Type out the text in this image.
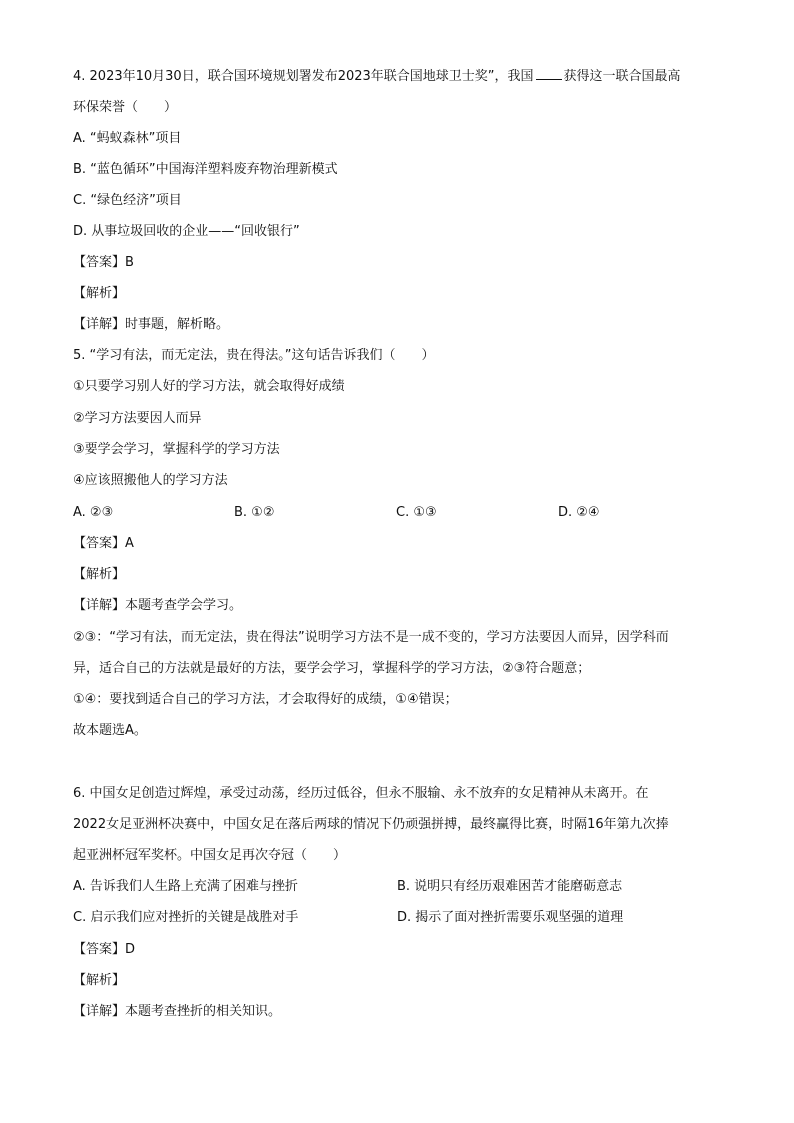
4. 2023年10月30日，联合国环境规划署发布2023年联合国地球卫士奖”，我国 获得这一联合国最高
环保荣誉（　　）
A. “蚂蚁森林”项目
B. “蓝色循环”中国海洋塑料废弃物治理新模式
C. “绿色经济”项目
D. 从事垃圾回收的企业——“回收银行”
【答案】B
【解析】
【详解】时事题，解析略。
5. “学习有法，而无定法，贵在得法。”这句话告诉我们（　　）
①只要学习别人好的学习方法，就会取得好成绩
②学习方法要因人而异
③要学会学习，掌握科学的学习方法
④应该照搬他人的学习方法
A. ②③	B. ①②	C. ①③	D. ②④
【答案】A
【解析】
【详解】本题考查学会学习。
②③：“学习有法，而无定法，贵在得法”说明学习方法不是一成不变的，学习方法要因人而异，因学科而
异，适合自己的方法就是最好的方法，要学会学习，掌握科学的学习方法，②③符合题意；
①④：要找到适合自己的学习方法，才会取得好的成绩，①④错误；
故本题选A。
6. 中国女足创造过辉煌，承受过动荡，经历过低谷，但永不服输、永不放弃的女足精神从未离开。在
2022女足亚洲杯决赛中，中国女足在落后两球的情况下仍顽强拼搏，最终赢得比赛，时隔16年第九次捧
起亚洲杯冠军奖杯。中国女足再次夺冠（　　）
A. 告诉我们人生路上充满了困难与挫折	B. 说明只有经历艰难困苦才能磨砺意志
C. 启示我们应对挫折的关键是战胜对手	D. 揭示了面对挫折需要乐观坚强的道理
【答案】D
【解析】
【详解】本题考查挫折的相关知识。
